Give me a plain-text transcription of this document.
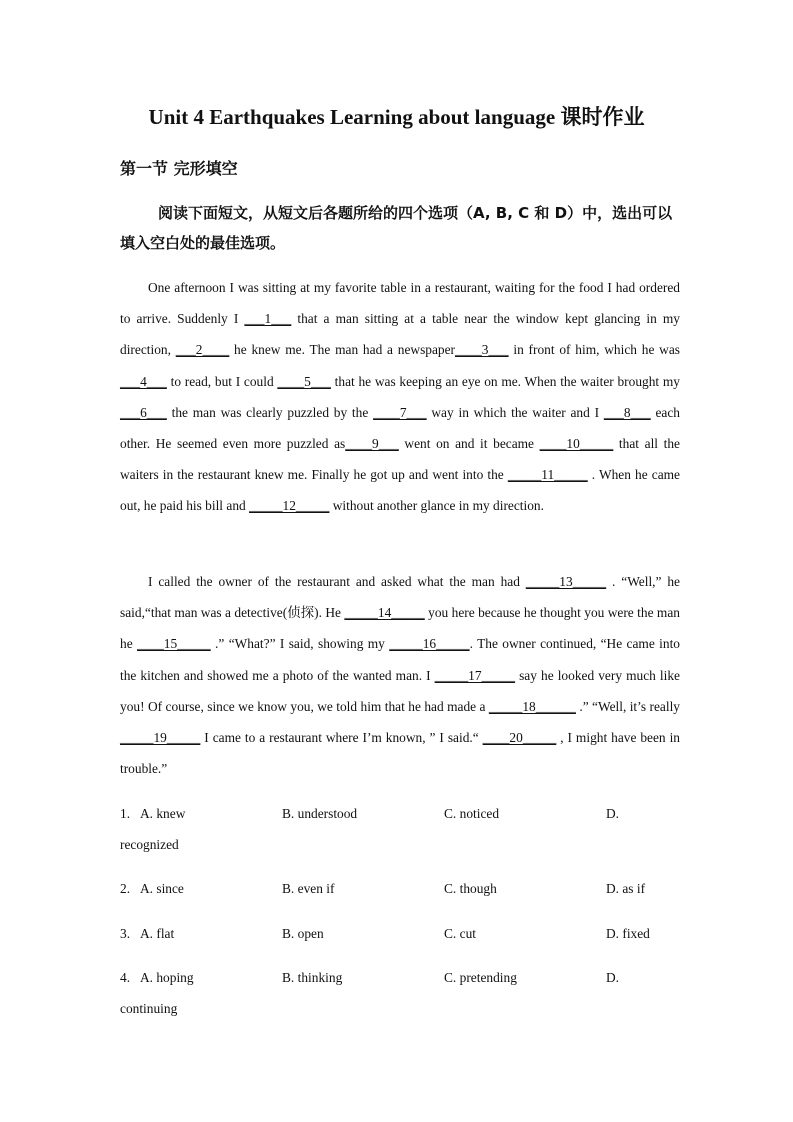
Unit 4 Earthquakes Learning about language 课时作业
第一节 完形填空
阅读下面短文，从短文后各题所给的四个选项（A, B, C 和 D）中，选出可以填入空白处的最佳选项。
One afternoon I was sitting at my favorite table in a restaurant, waiting for the food I had ordered to arrive. Suddenly I ___1___ that a man sitting at a table near the window kept glancing in my direction, ___2____ he knew me. The man had a newspaper____3___ in front of him, which he was ___4___ to read, but I could ____5___ that he was keeping an eye on me. When the waiter brought my ___6___ the man was clearly puzzled by the ____7___ way in which the waiter and I ___8___ each other. He seemed even more puzzled as____9___ went on and it became ____10_____ that all the waiters in the restaurant knew me. Finally he got up and went into the _____11_____ . When he came out, he paid his bill and _____12_____ without another glance in my direction.
I called the owner of the restaurant and asked what the man had _____13_____ . “Well,” he said,“that man was a detective(侦探). He _____14_____ you here because he thought you were the man he ____15_____ .” “What?” I said, showing my _____16_____. The owner continued, “He came into the kitchen and showed me a photo of the wanted man. I _____17_____ say he looked very much like you! Of course, since we know you, we told him that he had made a _____18______ .” “Well, it’s really _____19_____ I came to a restaurant where I’m known, ” I said.“ ____20_____ , I might have been in trouble.”
1. A. knew	B. understood	C. noticed	D.
recognized
2. A. since	B. even if	C. though	D. as if
3. A. flat	B. open	C. cut	D. fixed
4. A. hoping	B. thinking	C. pretending	D.
continuing
